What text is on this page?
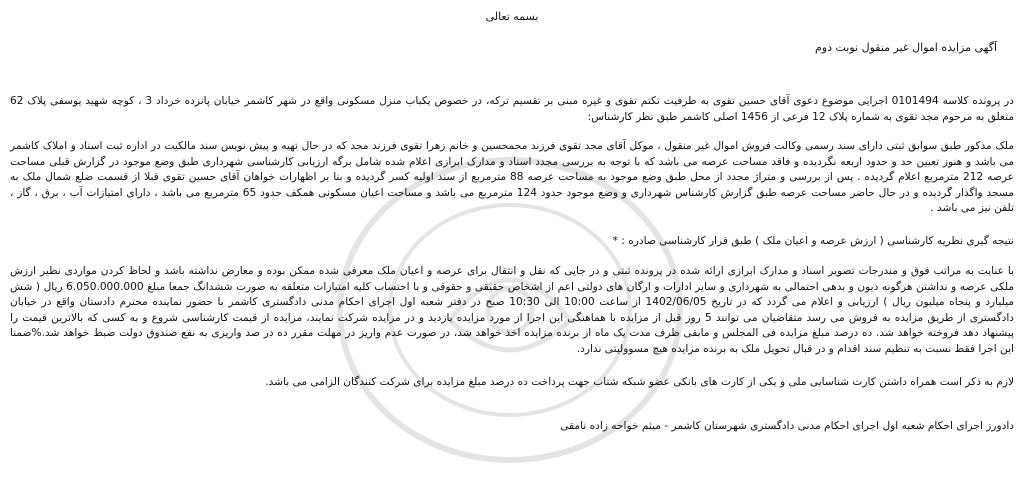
بسمه تعالی
آگهی مزایده اموال غیر منقول نوبت دوم

در پرونده کلاسه 0101494 اجرایی موضوع دعوی آقای حسین تقوی به طرفیت تکتم تقوی و غیره مبنی بر تقسیم ترکه، در خصوص یکباب منزل مسکونی واقع در شهر کاشمر خیابان پانزده خرداد 3 ، کوچه شهید یوسفی پلاک 62 متعلق به مرحوم مجد تقوی به شماره پلاک 12 فرعی از 1456 اصلی کاشمر طبق نظر کارشناس:

ملک مذکور طبق سوابق ثبتی دارای سند رسمی وکالت فروش اموال غیر منقول ، موکل آقای مجد تقوی فرزند محمحسین و خانم زهرا تقوی فرزند مجد که در حال تهیه و پیش نویس سند مالکیت در اداره ثبت اسناد و املاک کاشمر می باشد و هنوز تعیین حد و حدود اربعه نگردیده و فاقد مساحت عرصه می باشد که با توجه به بررسی مجدد اسناد و مدارک ابرازی اعلام شده شامل برگه ارزیابی کارشناسی شهرداری طبق وضع موجود در گزارش قبلی مساحت عرصه 212 مترمربع اعلام گردیده . پس از بررسی و متراژ مجدد از محل طبق وضع موجود به مساحت عرصه 88 مترمربع از سند اولیه کسر گردیده و بنا بر اظهارات خواهان آقای حسین تقوی قبلا از قسمت ضلع شمال ملک به مسجد واگذار گردیده و در حال حاضر مساحت عرصه طبق گزارش کارشناس شهرداری و وضع موجود حدود 124 مترمربع می باشد و مساحت اعیان مسکونی همکف حدود 65 مترمربع می باشد ، دارای امتیازات آب ، برق ، گاز ، تلفن نیز می باشد .

نتیجه گیری نظریه کارشناسی ( ارزش عرصه و اعیان ملک ) طبق قرار کارشناسی صادره : *

با عنایت به مراتب فوق و مندرجات تصویر اسناد و مدارک ابرازی ارائه شده در پرونده ثبتی و در جایی که نقل و انتقال برای عرصه و اعیان ملک معرفی شده ممکن بوده و معارض نداشته باشد و لحاظ کردن مواردی نظیر ارزش ملکی عرصه و نداشتن هرگونه دیون و بدهی احتمالی به شهرداری و سایر ادارات و ارگان های دولتی اعم از اشخاص حقیقی و حقوقی و با احتساب کلیه امتیازات متعلقه به صورت ششدانگ جمعا مبلغ 6.050.000.000 ریال ( شش میلیارد و پنجاه میلیون ریال ) ارزیابی و اعلام می گردد که در تاریخ 1402/06/05 از ساعت 10:00 الی 10:30 صبح در دفتر شعبه اول اجرای احکام مدنی دادگستری کاشمر با حضور نماینده محترم دادستان واقع در خیابان دادگستری از طریق مزایده به فروش می رسد متقاضیان می توانند 5 روز قبل از مزایده با هماهنگی این اجرا از مورد مزایده بازدید و در مزایده شرکت نمایند، مزایده از قیمت کارشناسی شروع و به کسی که بالاترین قیمت را پیشنهاد دهد فروخته خواهد شد. ده درصد مبلغ مزایده فی المجلس و مابقی ظرف مدت یک ماه از برنده مزایده اخذ خواهد شد، در صورت عدم واریز در مهلت مقرر ده در صد واریزی به نفع صندوق دولت ضبط خواهد شد.%ضمنا این اجرا فقط نسبت به تنظیم سند اقدام و در قبال تحویل ملک به برنده مزایده هیچ مسوولیتی ندارد.

لازم به ذکر است همراه داشتن کارت شناسایی ملی و یکی از کارت های بانکی عضو شبکه شتاب جهت پرداخت ده درصد مبلغ مزایده برای شرکت کنندگان الزامی می باشد.

دادورز اجرای احکام شعبه اول اجرای احکام مدنی دادگستری شهرستان کاشمر - میثم خواجه زاده نامقی
